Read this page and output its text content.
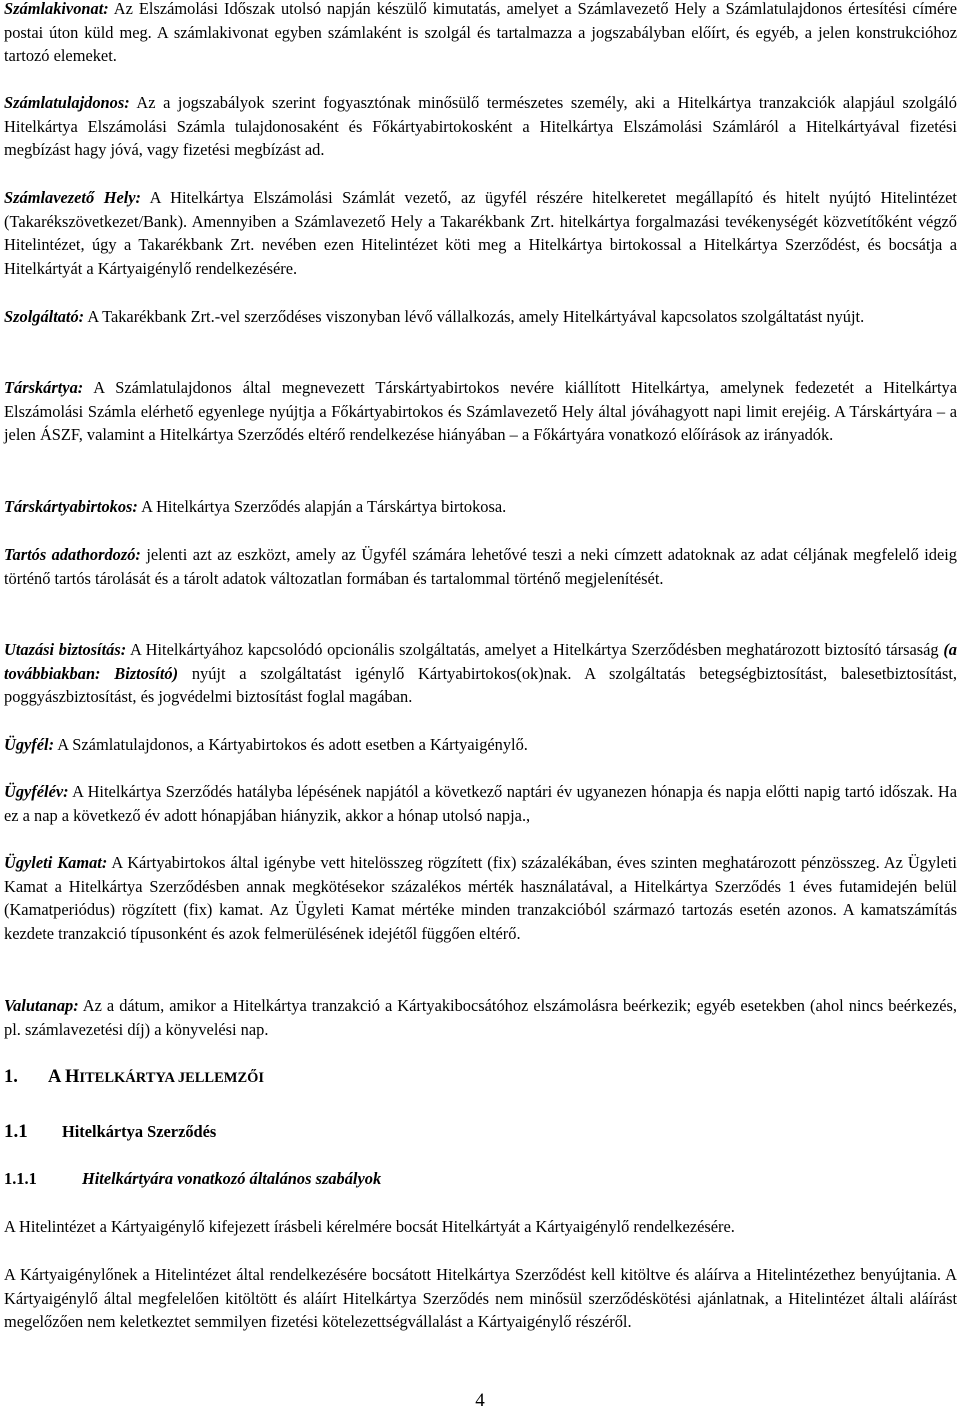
Számlakivonat: Az Elszámolási Időszak utolsó napján készülő kimutatás, amelyet a Számlavezető Hely a Számlatulajdonos értesítési címére postai úton küld meg. A számlakivonat egyben számlaként is szolgál és tartalmazza a jogszabályban előírt, és egyéb, a jelen konstrukcióhoz tartozó elemeket.

Számlatulajdonos: Az a jogszabályok szerint fogyasztónak minősülő természetes személy, aki a Hitelkártya tranzakciók alapjául szolgáló Hitelkártya Elszámolási Számla tulajdonosaként és Főkártyabirtokosként a Hitelkártya Elszámolási Számláról a Hitelkártyával fizetési megbízást hagy jóvá, vagy fizetési megbízást ad.

Számlavezető Hely: A Hitelkártya Elszámolási Számlát vezető, az ügyfél részére hitelkeretet megállapító és hitelt nyújtó Hitelintézet (Takarékszövetkezet/Bank). Amennyiben a Számlavezető Hely a Takarékbank Zrt. hitelkártya forgalmazási tevékenységét közvetítőként végző Hitelintézet, úgy a Takarékbank Zrt. nevében ezen Hitelintézet köti meg a Hitelkártya birtokossal a Hitelkártya Szerződést, és bocsátja a Hitelkártyát a Kártyaigénylő rendelkezésére.

Szolgáltató: A Takarékbank Zrt.-vel szerződéses viszonyban lévő vállalkozás, amely Hitelkártyával kapcsolatos szolgáltatást nyújt.

Társkártya: A Számlatulajdonos által megnevezett Társkártyabirtokos nevére kiállított Hitelkártya, amelynek fedezetét a Hitelkártya Elszámolási Számla elérhető egyenlege nyújtja a Főkártyabirtokos és Számlavezető Hely által jóváhagyott napi limit erejéig. A Társkártyára – a jelen ÁSZF, valamint a Hitelkártya Szerződés eltérő rendelkezése hiányában – a Főkártyára vonatkozó előírások az irányadók.

Társkártyabirtokos: A Hitelkártya Szerződés alapján a Társkártya birtokosa.

Tartós adathordozó: jelenti azt az eszközt, amely az Ügyfél számára lehetővé teszi a neki címzett adatoknak az adat céljának megfelelő ideig történő tartós tárolását és a tárolt adatok változatlan formában és tartalommal történő megjelenítését.

Utazási biztosítás: A Hitelkártyához kapcsolódó opcionális szolgáltatás, amelyet a Hitelkártya Szerződésben meghatározott biztosító társaság (a továbbiakban: Biztosító) nyújt a szolgáltatást igénylő Kártyabirtokos(ok)nak. A szolgáltatás betegségbiztosítást, balesetbiztosítást, poggyászbiztosítást, és jogvédelmi biztosítást foglal magában.

Ügyfél: A Számlatulajdonos, a Kártyabirtokos és adott esetben a Kártyaigénylő.

Ügyfélév: A Hitelkártya Szerződés hatályba lépésének napjától a következő naptári év ugyanezen hónapja és napja előtti napig tartó időszak. Ha ez a nap a következő év adott hónapjában hiányzik, akkor a hónap utolsó napja.,

Ügyleti Kamat: A Kártyabirtokos által igénybe vett hitelösszeg rögzített (fix) százalékában, éves szinten meghatározott pénzösszeg. Az Ügyleti Kamat a Hitelkártya Szerződésben annak megkötésekor százalékos mérték használatával, a Hitelkártya Szerződés 1 éves futamidején belül (Kamatperiódus) rögzített (fix) kamat. Az Ügyleti Kamat mértéke minden tranzakcióból származó tartozás esetén azonos. A kamatszámítás kezdete tranzakció típusonként és azok felmerülésének idejétől függően eltérő.

Valutanap: Az a dátum, amikor a Hitelkártya tranzakció a Kártyakibocsátóhoz elszámolásra beérkezik; egyéb esetekben (ahol nincs beérkezés, pl. számlavezetési díj) a könyvelési nap.

1. A HITELKÁRTYA JELLEMZŐI
1.1 Hitelkártya Szerződés
1.1.1	Hitelkártyára vonatkozó általános szabályok

A Hitelintézet a Kártyaigénylő kifejezett írásbeli kérelmére bocsát Hitelkártyát a Kártyaigénylő rendelkezésére.

A Kártyaigénylőnek a Hitelintézet által rendelkezésére bocsátott Hitelkártya Szerződést kell kitöltve és aláírva a Hitelintézethez benyújtania. A Kártyaigénylő által megfelelően kitöltött és aláírt Hitelkártya Szerződés nem minősül szerződéskötési ajánlatnak, a Hitelintézet általi aláírást megelőzően nem keletkeztet semmilyen fizetési kötelezettségvállalást a Kártyaigénylő részéről.

4
